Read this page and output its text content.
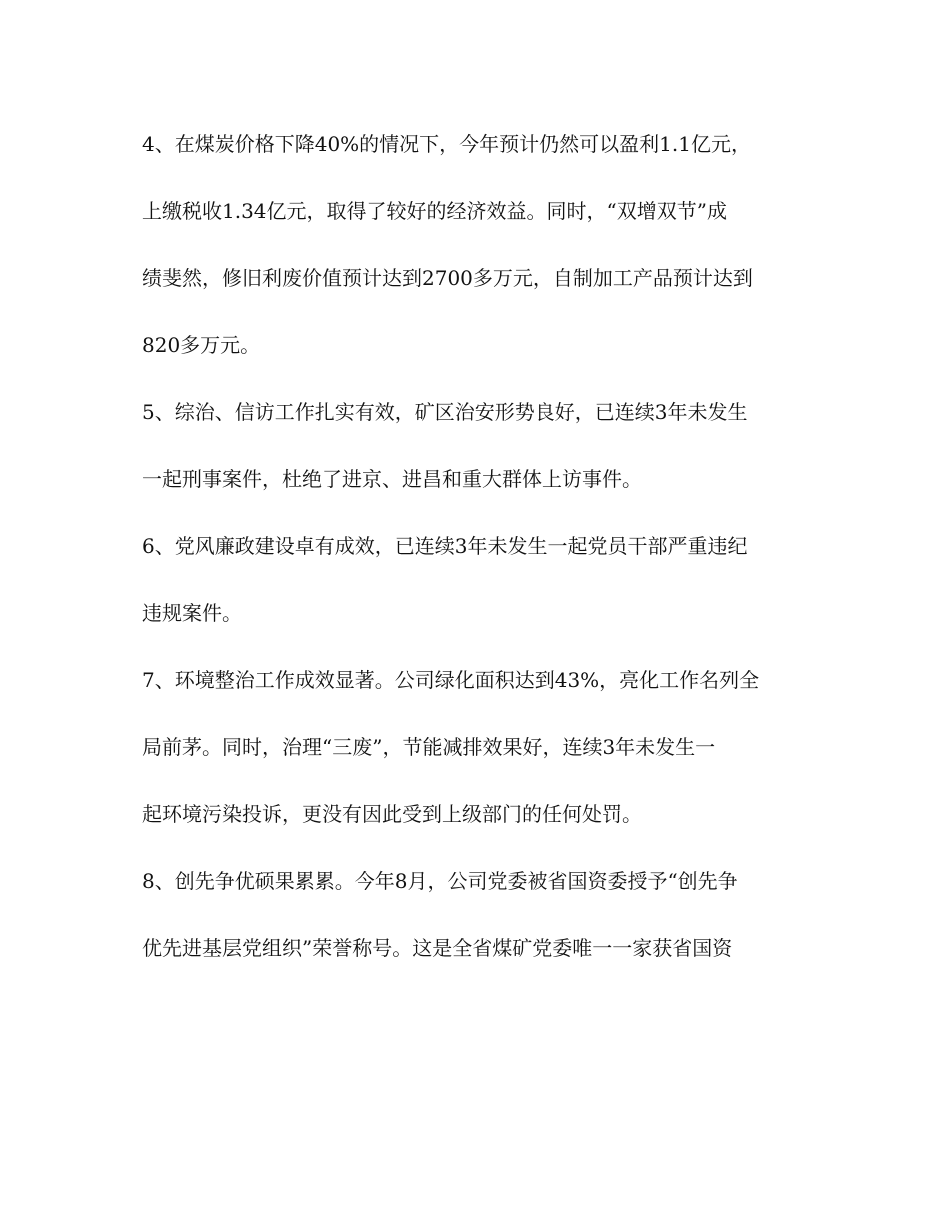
4、在煤炭价格下降40%的情况下，今年预计仍然可以盈利1.1亿元，
上缴税收1.34亿元，取得了较好的经济效益。同时，“双增双节”成
绩斐然，修旧利废价值预计达到2700多万元，自制加工产品预计达到
820多万元。
5、综治、信访工作扎实有效，矿区治安形势良好，已连续3年未发生
一起刑事案件，杜绝了进京、进昌和重大群体上访事件。
6、党风廉政建设卓有成效，已连续3年未发生一起党员干部严重违纪
违规案件。
7、环境整治工作成效显著。公司绿化面积达到43%，亮化工作名列全
局前茅。同时，治理“三废”，节能减排效果好，连续3年未发生一
起环境污染投诉，更没有因此受到上级部门的任何处罚。
8、创先争优硕果累累。今年8月，公司党委被省国资委授予“创先争
优先进基层党组织”荣誉称号。这是全省煤矿党委唯一一家获省国资
